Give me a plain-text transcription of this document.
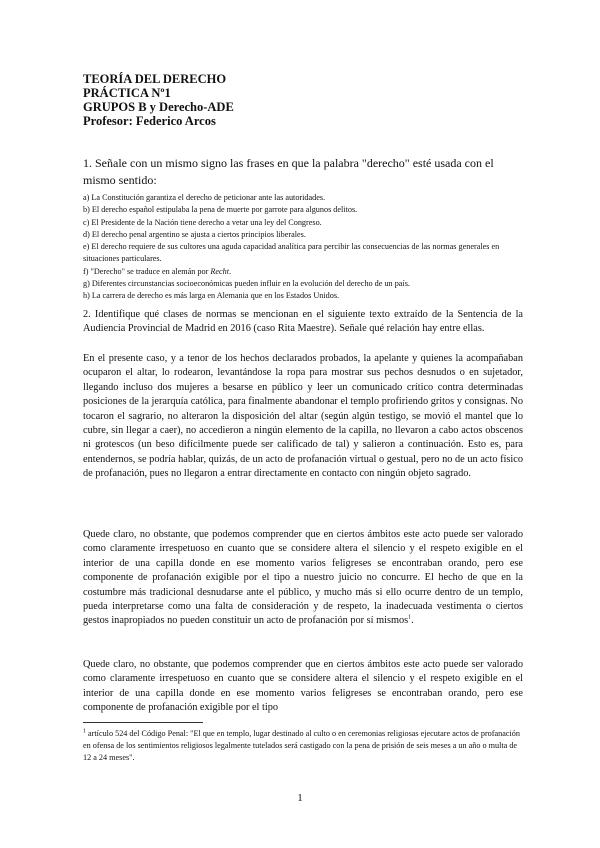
TEORÍA DEL DERECHO
PRÁCTICA Nº1
GRUPOS B y Derecho-ADE
Profesor: Federico Arcos
1. Señale con un mismo signo las frases en que la palabra "derecho" esté usada con el mismo sentido:
a) La Constitución garantiza el derecho de peticionar ante las autoridades.
b) El derecho español estipulaba la pena de muerte por garrote para algunos delitos.
c) El Presidente de la Nación tiene derecho a vetar una ley del Congreso.
d) El derecho penal argentino se ajusta a ciertos principios liberales.
e) El derecho requiere de sus cultores una aguda capacidad analítica para percibir las consecuencias de las normas generales en situaciones particulares.
f) "Derecho" se traduce en alemán por Recht.
g) Diferentes circunstancias socioeconómicas pueden influir en la evolución del derecho de un país.
h) La carrera de derecho es más larga en Alemania que en los Estados Unidos.
2. Identifique qué clases de normas se mencionan en el siguiente texto extraído de la Sentencia de la Audiencia Provincial de Madrid en 2016 (caso Rita Maestre). Señale qué relación hay entre ellas.
En el presente caso, y a tenor de los hechos declarados probados, la apelante y quienes la acompañaban ocuparon el altar, lo rodearon, levantándose la ropa para mostrar sus pechos desnudos o en sujetador, llegando incluso dos mujeres a besarse en público y leer un comunicado crítico contra determinadas posiciones de la jerarquía católica, para finalmente abandonar el templo profiriendo gritos y consignas. No tocaron el sagrario, no alteraron la disposición del altar (según algún testigo, se movió el mantel que lo cubre, sin llegar a caer), no accedieron a ningún elemento de la capilla, no llevaron a cabo actos obscenos ni grotescos (un beso difícilmente puede ser calificado de tal) y salieron a continuación. Esto es, para entendernos, se podría hablar, quizás, de un acto de profanación virtual o gestual, pero no de un acto físico de profanación, pues no llegaron a entrar directamente en contacto con ningún objeto sagrado.
Quede claro, no obstante, que podemos comprender que en ciertos ámbitos este acto puede ser valorado como claramente irrespetuoso en cuanto que se considere altera el silencio y el respeto exigible en el interior de una capilla donde en ese momento varios feligreses se encontraban orando, pero ese componente de profanación exigible por el tipo a nuestro juicio no concurre. El hecho de que en la costumbre más tradicional desnudarse ante el público, y mucho más si ello ocurre dentro de un templo, pueda interpretarse como una falta de consideración y de respeto, la inadecuada vestimenta o ciertos gestos inapropiados no pueden constituir un acto de profanación por sí mismos$^1$.
Quede claro, no obstante, que podemos comprender que en ciertos ámbitos este acto puede ser valorado como claramente irrespetuoso en cuanto que se considere altera el silencio y el respeto exigible en el interior de una capilla donde en ese momento varios feligreses se encontraban orando, pero ese componente de profanación exigible por el tipo
$^1$ artículo 524 del Código Penal: "El que en templo, lugar destinado al culto o en ceremonias religiosas ejecutare actos de profanación en ofensa de los sentimientos religiosos legalmente tutelados será castigado con la pena de prisión de seis meses a un año o multa de 12 a 24 meses".
1
